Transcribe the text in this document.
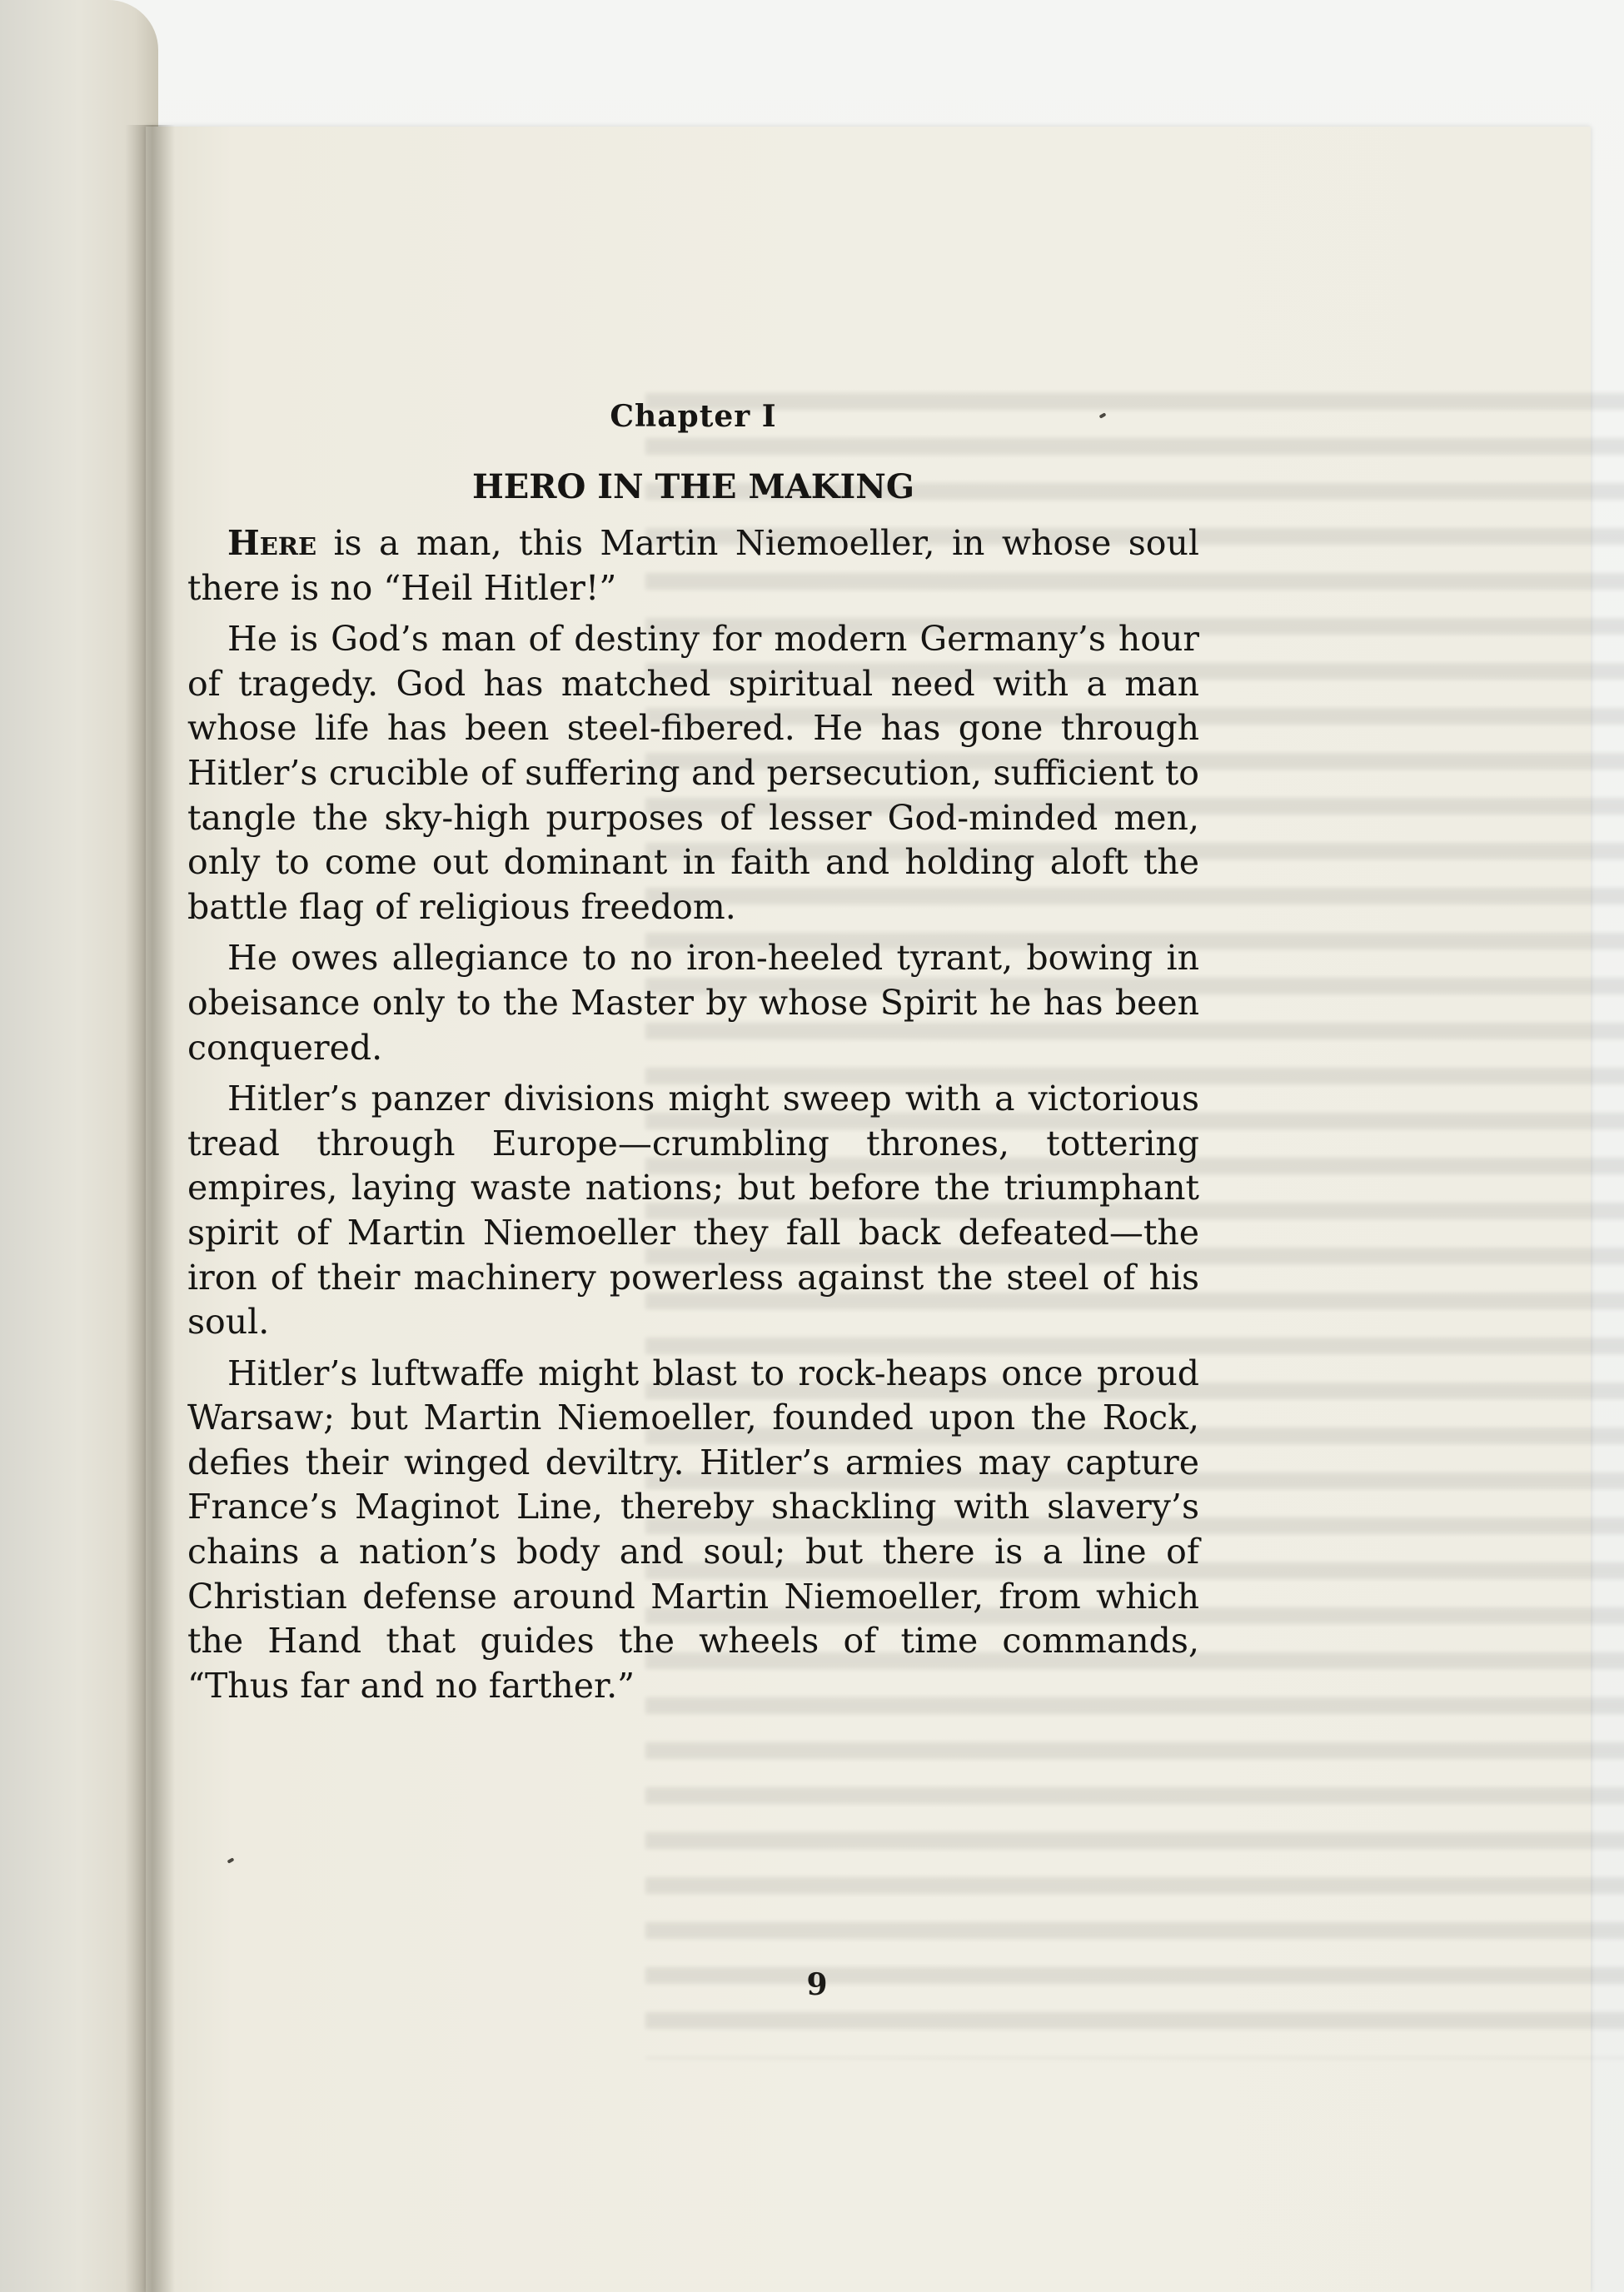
Chapter I
HERO IN THE MAKING

Here is a man, this Martin Niemoeller, in whose soul there is no “Heil Hitler!”

He is God’s man of destiny for modern Germany’s hour of tragedy. God has matched spiritual need with a man whose life has been steel-fibered. He has gone through Hitler’s crucible of suffering and persecution, sufficient to tangle the sky-high purposes of lesser God-minded men, only to come out dominant in faith and holding aloft the battle flag of religious freedom.

He owes allegiance to no iron-heeled tyrant, bowing in obeisance only to the Master by whose Spirit he has been conquered.

Hitler’s panzer divisions might sweep with a victorious tread through Europe—crumbling thrones, tottering empires, laying waste nations; but before the triumphant spirit of Martin Niemoeller they fall back defeated—the iron of their machinery powerless against the steel of his soul.

Hitler’s luftwaffe might blast to rock-heaps once proud Warsaw; but Martin Niemoeller, founded upon the Rock, defies their winged deviltry. Hitler’s armies may capture France’s Maginot Line, thereby shackling with slavery’s chains a nation’s body and soul; but there is a line of Christian defense around Martin Niemoeller, from which the Hand that guides the wheels of time commands, “Thus far and no farther.”

9
